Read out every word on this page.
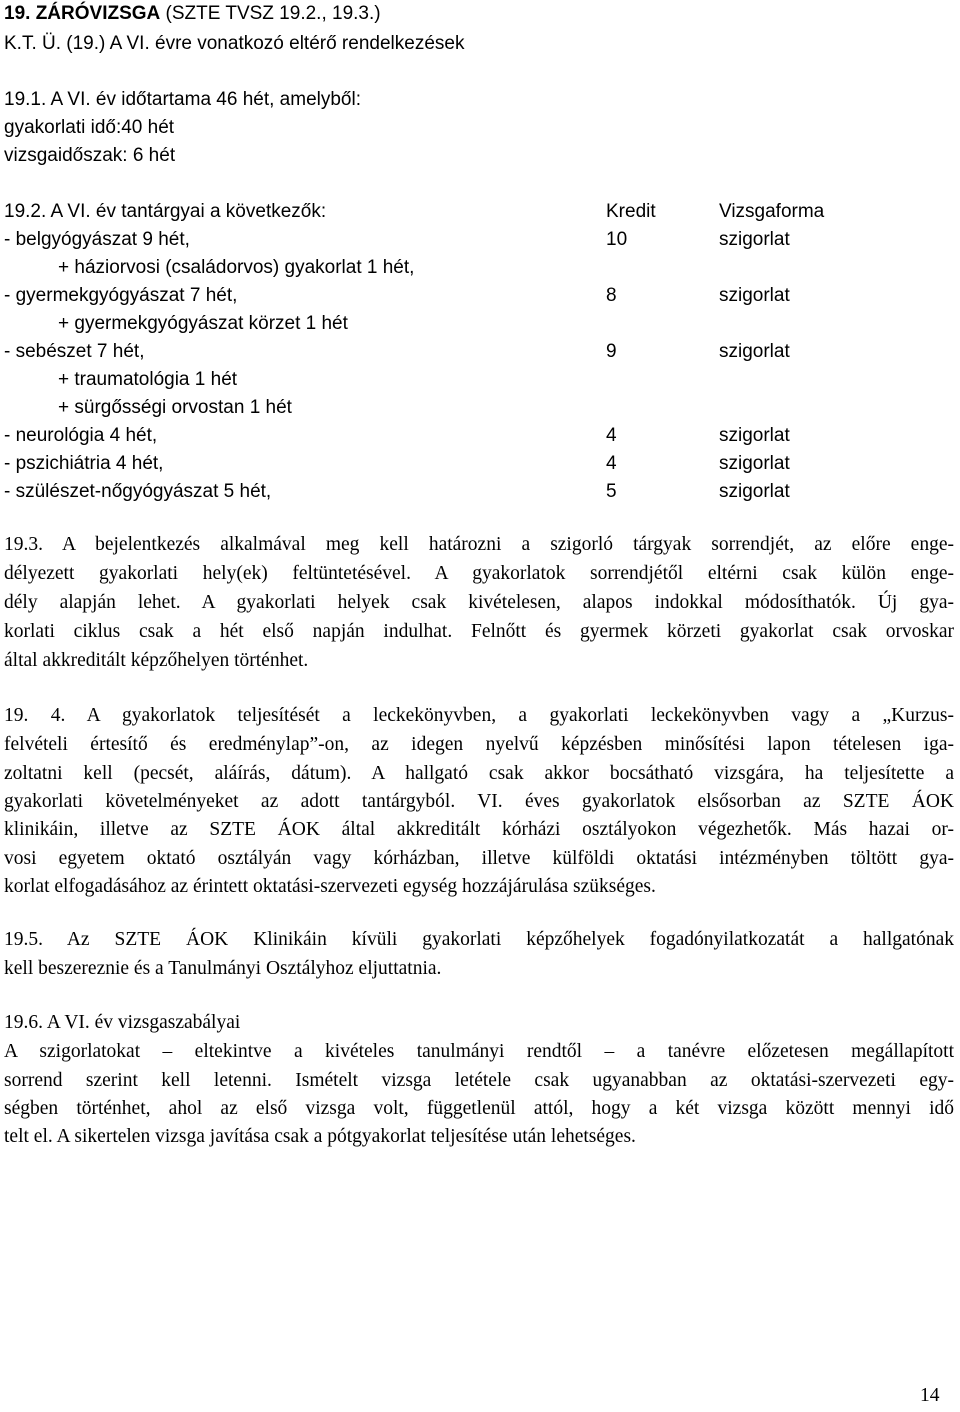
19. ZÁRÓVIZSGA (SZTE TVSZ 19.2., 19.3.)
K.T. Ü. (19.) A VI. évre vonatkozó eltérő rendelkezések
19.1. A VI. év időtartama 46 hét, amelyből:
gyakorlati idő:40 hét
vizsgaidőszak: 6 hét
19.2. A VI. év tantárgyai a következők:	Kredit	Vizsgaforma
- belgyógyászat 9 hét,	10	szigorlat
+ háziorvosi (családorvos) gyakorlat 1 hét,
- gyermekgyógyászat 7 hét,	8	szigorlat
+ gyermekgyógyászat körzet 1 hét
- sebészet 7 hét,	9	szigorlat
+ traumatológia 1 hét
+ sürgősségi orvostan 1 hét
- neurológia 4 hét,	4	szigorlat
- pszichiátria 4 hét,	4	szigorlat
- szülészet-nőgyógyászat 5 hét,	5	szigorlat
19.3. A bejelentkezés alkalmával meg kell határozni a szigorló tárgyak sorrendjét, az előre enge-
délyezett gyakorlati hely(ek) feltüntetésével. A gyakorlatok sorrendjétől eltérni csak külön enge-
dély alapján lehet. A gyakorlati helyek csak kivételesen, alapos indokkal módosíthatók. Új gya-
korlati ciklus csak a hét első napján indulhat. Felnőtt és gyermek körzeti gyakorlat csak orvoskar
által akkreditált képzőhelyen történhet.
19. 4. A gyakorlatok teljesítését a leckekönyvben, a gyakorlati leckekönyvben vagy a „Kurzus-
felvételi értesítő és eredménylap”-on, az idegen nyelvű képzésben minősítési lapon tételesen iga-
zoltatni kell (pecsét, aláírás, dátum). A hallgató csak akkor bocsátható vizsgára, ha teljesítette a
gyakorlati követelményeket az adott tantárgyból. VI. éves gyakorlatok elsősorban az SZTE ÁOK
klinikáin, illetve az SZTE ÁOK által akkreditált kórházi osztályokon végezhetők. Más hazai or-
vosi egyetem oktató osztályán vagy kórházban, illetve külföldi oktatási intézményben töltött gya-
korlat elfogadásához az érintett oktatási-szervezeti egység hozzájárulása szükséges.
19.5. Az SZTE ÁOK Klinikáin kívüli gyakorlati képzőhelyek fogadónyilatkozatát a hallgatónak
kell beszereznie és a Tanulmányi Osztályhoz eljuttatnia.
19.6. A VI. év vizsgaszabályai
A szigorlatokat – eltekintve a kivételes tanulmányi rendtől – a tanévre előzetesen megállapított
sorrend szerint kell letenni. Ismételt vizsga letétele csak ugyanabban az oktatási-szervezeti egy-
ségben történhet, ahol az első vizsga volt, függetlenül attól, hogy a két vizsga között mennyi idő
telt el. A sikertelen vizsga javítása csak a pótgyakorlat teljesítése után lehetséges.
14
